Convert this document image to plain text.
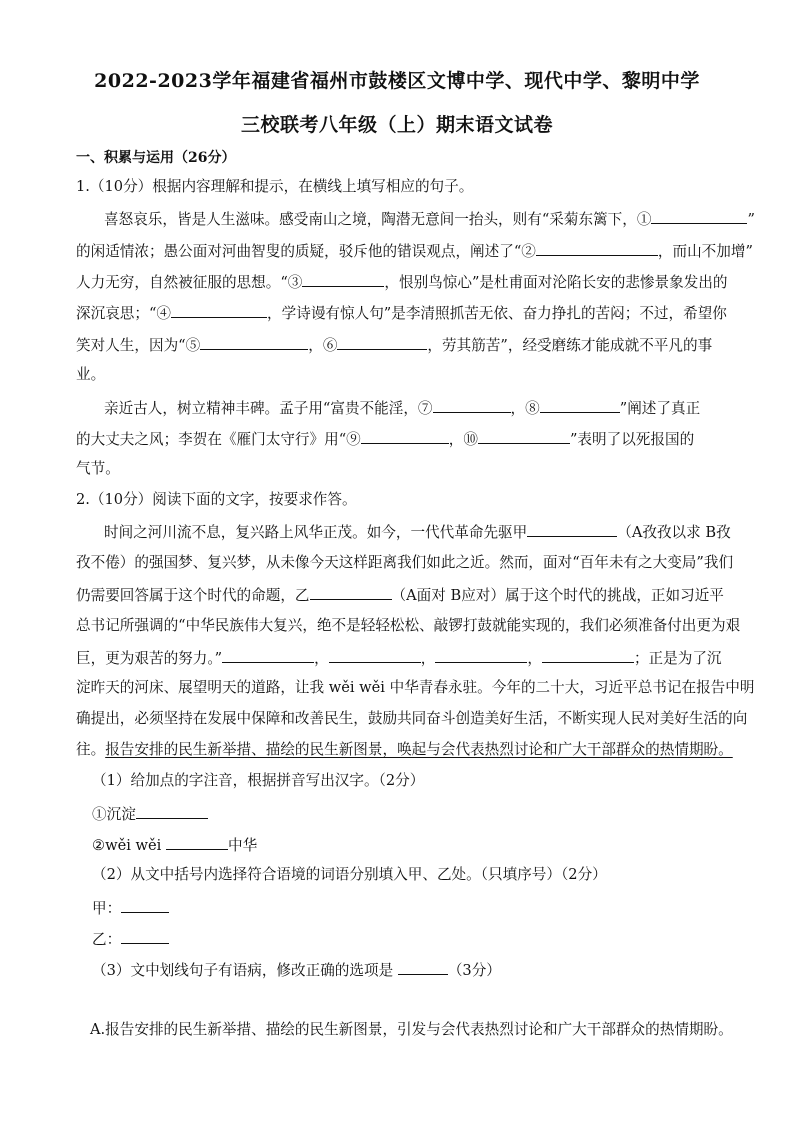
2022-2023学年福建省福州市鼓楼区文博中学、现代中学、黎明中学
三校联考八年级（上）期末语文试卷
一、积累与运用（26分）
1.（10分）根据内容理解和提示，在横线上填写相应的句子。
喜怒哀乐，皆是人生滋味。感受南山之境，陶潜无意间一抬头，则有“采菊东篱下，①	”
的闲适情浓；愚公面对河曲智叟的质疑，驳斥他的错误观点，阐述了“②	，而山不加增”
人力无穷，自然被征服的思想。“③	，恨别鸟惊心”是杜甫面对沦陷长安的悲惨景象发出的
深沉哀思；“④	，学诗谩有惊人句”是李清照抓苦无依、奋力挣扎的苦闷；不过，希望你
笑对人生，因为“⑤	，⑥	，劳其筋苦”，经受磨练才能成就不平凡的事
业。
亲近古人，树立精神丰碑。孟子用“富贵不能淫，⑦	，⑧	”阐述了真正
的大丈夫之风；李贺在《雁门太守行》用“⑨	，⑩	”表明了以死报国的
气节。
2.（10分）阅读下面的文字，按要求作答。
时间之河川流不息，复兴路上风华正茂。如今，一代代革命先驱甲	（A孜孜以求 B孜
孜不倦）的强国梦、复兴梦，从未像今天这样距离我们如此之近。然而，面对“百年未有之大变局”我们
仍需要回答属于这个时代的命题，乙	（A面对 B应对）属于这个时代的挑战，正如习近平
总书记所强调的“中华民族伟大复兴，绝不是轻轻松松、敲锣打鼓就能实现的，我们必须准备付出更为艰
巨，更为艰苦的努力。”	，	，	，	；正是为了沉
淀昨天的河床、展望明天的道路，让我 wěi wěi 中华青春永驻。今年的二十大，习近平总书记在报告中明
确提出，必须坚持在发展中保障和改善民生，鼓励共同奋斗创造美好生活，不断实现人民对美好生活的向
往。报告安排的民生新举措、描绘的民生新图景，唤起与会代表热烈讨论和广大干部群众的热情期盼。
（1）给加点的字注音，根据拼音写出汉字。（2分）
①沉淀
②wěi wěi	中华
（2）从文中括号内选择符合语境的词语分别填入甲、乙处。（只填序号）（2分）
甲：
乙：
（3）文中划线句子有语病，修改正确的选项是	（3分）
A.报告安排的民生新举措、描绘的民生新图景，引发与会代表热烈讨论和广大干部群众的热情期盼。
